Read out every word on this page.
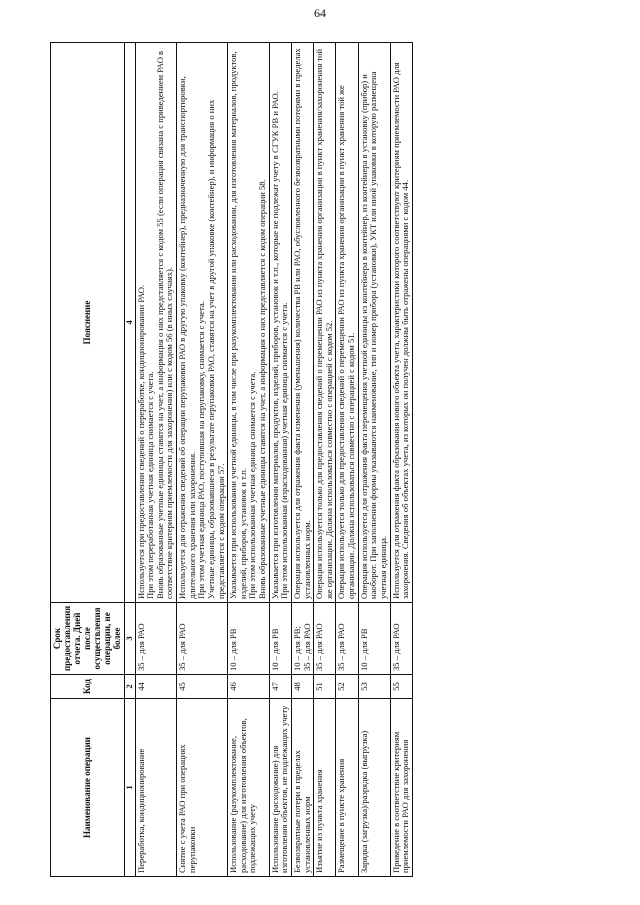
64
Наименование операции	Код	Срок предоставления отчета. Дней после осуществления операции, не более	Пояснение
1	2	3	4
Переработка, кондиционирование	44	35 – для РАО	Используется при предоставлении сведений о переработке, кондиционировании РАО. При этом переработанная учетная единица снимается с учета. Вновь образованные учетные единицы ставятся на учет, а информация о них представляется с кодом 55 (если операция связана с приведением РАО в соответствие критериям приемлемости для захоронения) или с кодом 56 (в иных случаях).

Снятие с учета РАО при операциях перупаковки	45	35 – для РАО	Используется для отражения сведений об операции перупаковки РАО в другую упаковку (контейнер), предназначенную для транспортировки, длительного хранения или захоронения. При этом учетная единица РАО, поступившая на перупаковку, снимается с учета. Учетные единицы, образовавшиеся в результате перупаковки РАО, ставятся на учет в другой упаковке (контейнер), и информация о них представляется с кодом операции 57.

Использование (разукомплектование, расходование) для изготовления объектов, подлежащих учету	46	10 – для РВ	Указывается при использовании учетной единицы, в том числе при разукомплектовании или расходовании, для изготовления материалов, продуктов, изделий, приборов, установок и т.п. При этом использованная учетная единица снимается с учета. Вновь образованные учетные единицы ставятся на учет, а информация о них представляется с кодом операции 58.

Использование (расходование) для изготовления объектов, не подлежащих учету	47	10 – для РВ	Указывается при изготовлении материалов, продуктов, изделий, приборов, установок и т.п., которые не подлежат учету в СГУК РВ и РАО. При этом использованная (израсходованная) учетная единица снимается с учета.

Безвозвратные потери в пределах установленных норм	48	10 – для РВ; 35 – для РАО	Операция используется для отражения факта изменения (уменьшения) количества РВ или РАО, обусловленного безвозвратными потерями в пределах установленных норм.

Изъятие из пункта хранения	51	35 – для РАО	Операция используется только для предоставления сведений о перемещении РАО из пункта хранения организации в пункт хранения/захоронения той же организации. Должна использоваться совместно с операцией с кодом 52.

Размещение в пункте хранения	52	35 – для РАО	Операция используется только для предоставления сведений о перемещении РАО из пункта хранения организации в пункт хранения той же организации. Должна использоваться совместно с операцией с кодом 51.

Зарядка (загрузка)/разрядка (выгрузка)	53	10 – для РВ	Операция используется для отражения факта перемещения учетной единицы из контейнера в контейнер, из контейнера в установку (прибор) и наоборот. При заполнении формы указываются наименование, тип и номер прибора (установки), УКТ или иной упаковки в которую размещена учетная единица.

Приведение в соответствие критериям приемлемости РАО для захоронения	55	35 – для РАО	Используется для отражения факта образования нового объекта учета, характеристики которого соответствуют критериям приемлемости РАО для захоронения. Сведения об объектах учета, из которых он получен должны быть отражены операциями с кодом 44.
